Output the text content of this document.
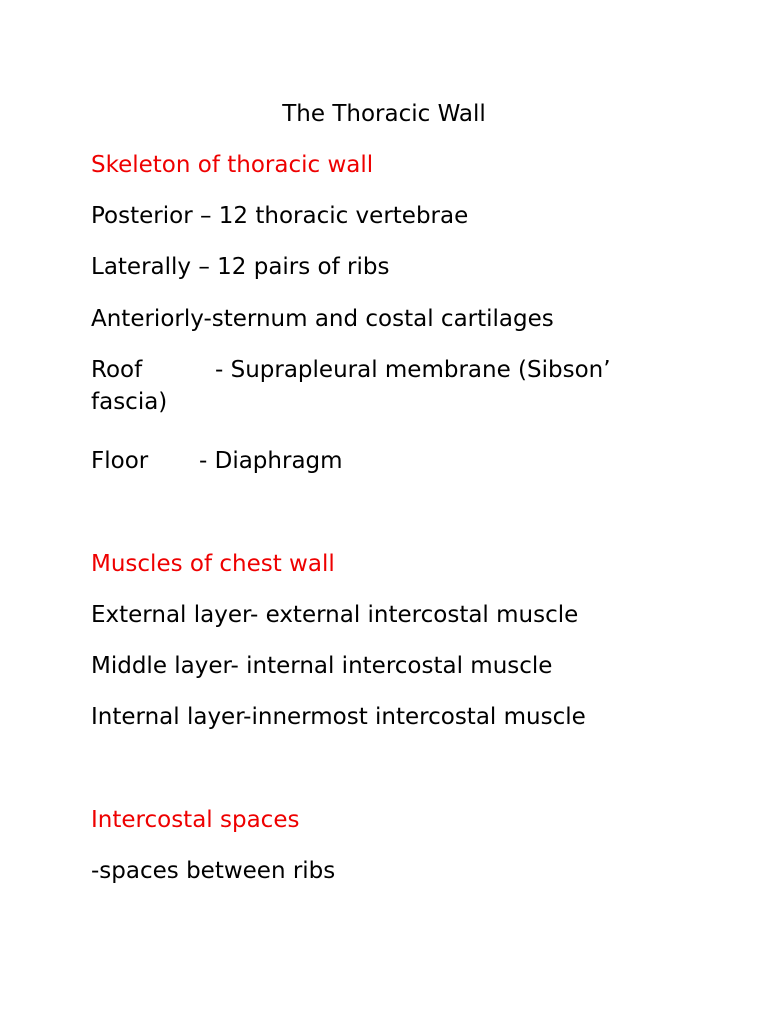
The Thoracic Wall
Skeleton of thoracic wall
Posterior – 12 thoracic vertebrae
Laterally – 12 pairs of ribs
Anteriorly-sternum and costal cartilages
Roof	- Suprapleural membrane (Sibson’
fascia)
Floor - Diaphragm
Muscles of chest wall
External layer- external intercostal muscle
Middle layer- internal intercostal muscle
Internal layer-innermost intercostal muscle
Intercostal spaces
-spaces between ribs
